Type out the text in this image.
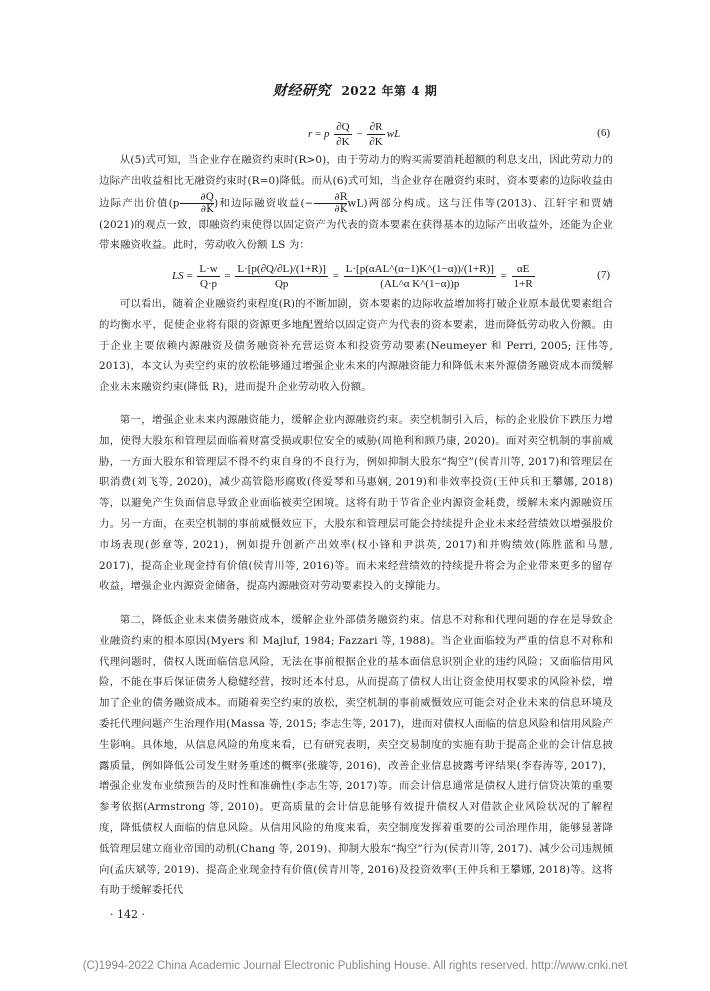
财经研究 2022 年第 4 期
r = p $\frac{\partial Q}{\partial K} - \frac{\partial R}{\partial K}$ wL	(6)

从(5)式可知，当企业存在融资约束时(R>0)，由于劳动力的购买需要消耗超额的利息支出，因此劳动力的边际产出收益相比无融资约束时(R=0)降低。而从(6)式可知，当企业存在融资约束时，资本要素的边际收益由边际产出价值($p \frac{\partial Q}{\partial K}$ )和边际融资收益(− $\frac{\partial R}{\partial K} wL$)两部分构成。这与汪伟等(2013)、江轩宇和贾婧(2021)的观点一致，即融资约束使得以固定资产为代表的资本要素在获得基本的边际产出收益外，还能为企业带来融资收益。此时，劳动收入份额 LS 为：

LS = $\frac{L\cdot w}{Q\cdot p} = \frac{L\cdot[p(\partial Q/\partial L)/(1+R)]}{Qp} = \frac{\text{L·[p(αAL\textasciicircum{}(α−1)K\textasciicircum{}(1−α))/(1+R)]}}{\text{(AL\textasciicircum{}α K\textasciicircum{}(1−α))p}} = \frac{\alpha E}{1+R}$	(7)

可以看出，随着企业融资约束程度(R)的不断加剧，资本要素的边际收益增加将打破企业原本最优要素组合的均衡水平，促使企业将有限的资源更多地配置给以固定资产为代表的资本要素，进而降低劳动收入份额。由于企业主要依赖内源融资及债务融资补充营运资本和投资劳动要素(Neumeyer 和 Perri, 2005; 汪伟等, 2013)，本文认为卖空约束的放松能够通过增强企业未来的内源融资能力和降低未来外源债务融资成本而缓解企业未来融资约束(降低 R)，进而提升企业劳动收入份额。

第一，增强企业未来内源融资能力，缓解企业内源融资约束。卖空机制引入后，标的企业股价下跌压力增加，使得大股东和管理层面临着财富受损或职位安全的威胁(周艳利和顾乃康, 2020)。面对卖空机制的事前威胁，一方面大股东和管理层不得不约束自身的不良行为，例如抑制大股东“掏空”(侯青川等, 2017)和管理层在职消费(刘飞等, 2020)，减少高管隐形腐败(佟爱琴和马惠娴, 2019)和非效率投资(王仲兵和王攀娜, 2018)等，以避免产生负面信息导致企业面临被卖空困境。这将有助于节省企业内源资金耗费，缓解未来内源融资压力。另一方面，在卖空机制的事前威慑效应下，大股东和管理层可能会持续提升企业未来经营绩效以增强股价市场表现(彭章等, 2021)，例如提升创新产出效率(权小锋和尹洪英, 2017)和并购绩效(陈胜蓝和马慧, 2017)，提高企业现金持有价值(侯青川等, 2016)等。而未来经营绩效的持续提升将会为企业带来更多的留存收益，增强企业内源资金储备，提高内源融资对劳动要素投入的支撑能力。

第二，降低企业未来债务融资成本，缓解企业外部债务融资约束。信息不对称和代理问题的存在是导致企业融资约束的根本原因(Myers 和 Majluf, 1984; Fazzari 等, 1988)。当企业面临较为严重的信息不对称和代理问题时，债权人既面临信息风险，无法在事前根据企业的基本面信息识别企业的违约风险；又面临信用风险，不能在事后保证债务人稳健经营，按时还本付息，从而提高了债权人出让资金使用权要求的风险补偿，增加了企业的债务融资成本。而随着卖空约束的放松，卖空机制的事前威慑效应可能会对企业未来的信息环境及委托代理问题产生治理作用(Massa 等, 2015; 李志生等, 2017)，进而对债权人面临的信息风险和信用风险产生影响。具体地，从信息风险的角度来看，已有研究表明，卖空交易制度的实施有助于提高企业的会计信息披露质量，例如降低公司发生财务重述的概率(张璇等, 2016)，改善企业信息披露考评结果(李春涛等, 2017)，增强企业发布业绩预告的及时性和准确性(李志生等, 2017)等。而会计信息通常是债权人进行信贷决策的重要参考依据(Armstrong 等, 2010)。更高质量的会计信息能够有效提升债权人对借款企业风险状况的了解程度，降低债权人面临的信息风险。从信用风险的角度来看，卖空制度发挥着重要的公司治理作用，能够显著降低管理层建立商业帝国的动机(Chang 等, 2019)、抑制大股东“掏空”行为(侯青川等, 2017)、减少公司违规倾向(孟庆斌等, 2019)、提高企业现金持有价值(侯青川等, 2016)及投资效率(王仲兵和王攀娜, 2018)等。这将有助于缓解委托代

· 142 ·
(C)1994-2022 China Academic Journal Electronic Publishing House. All rights reserved. http://www.cnki.net
